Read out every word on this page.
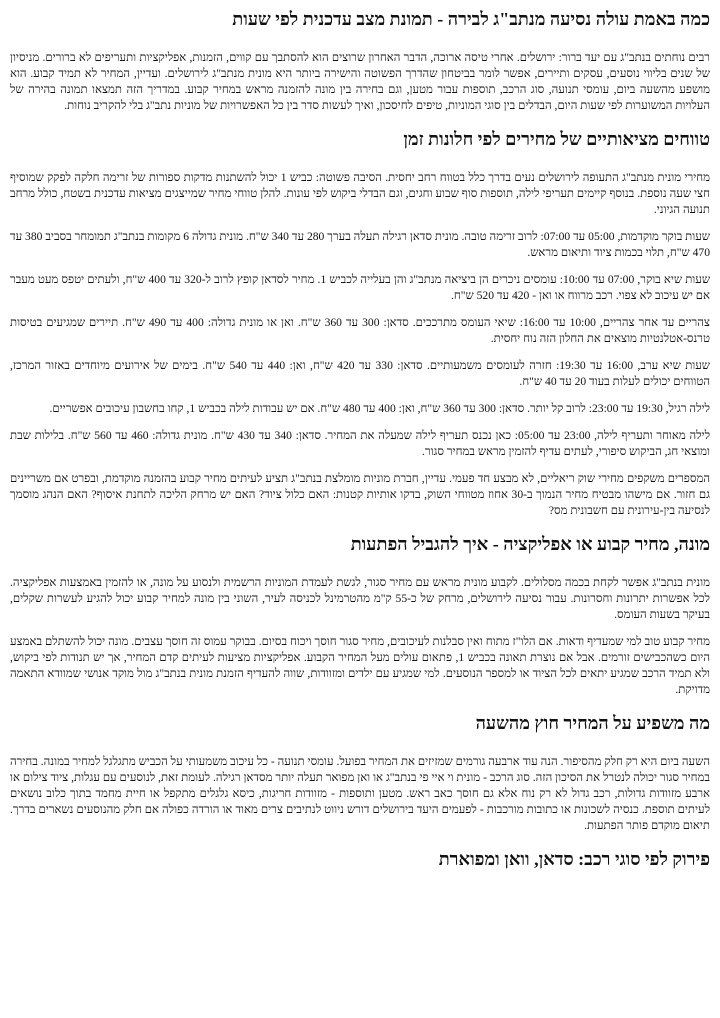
כמה באמת עולה נסיעה מנתב"ג לבירה - תמונת מצב עדכנית לפי שעות

רבים נוחתים בנתב"ג עם יעד ברור: ירושלים. אחרי טיסה ארוכה, הדבר האחרון שרוצים הוא להסתבך עם קווים, הזמנות, אפליקציות ותעריפים לא ברורים. מניסיון של שנים בליווי נוסעים, עסקים ותיירים, אפשר לומר בביטחון שהדרך הפשוטה והישירה ביותר היא מונית מנתב"ג לירושלים. ועדיין, המחיר לא תמיד קבוע. הוא מושפע מהשעה ביום, עומסי תנועה, סוג הרכב, תוספות עבור מטען, וגם בחירה בין מונה להזמנה מראש במחיר קבוע. במדריך הזה תמצאו תמונה בהירה של העלויות המשוערות לפי שעות היום, הבדלים בין סוגי המוניות, טיפים לחיסכון, ואיך לעשות סדר בין כל האפשרויות של מוניות נתב"ג בלי להקריב נוחות.

טווחים מציאותיים של מחירים לפי חלונות זמן

מחירי מונית מנתב"ג התעופה לירושלים נעים בדרך כלל בטווח רחב יחסית. הסיבה פשוטה: כביש 1 יכול להשתנות מדקות ספורות של זרימה חלקה לפקק שמוסיף חצי שעה נוספת. בנוסף קיימים תעריפי לילה, תוספות סוף שבוע וחגים, וגם הבדלי ביקוש לפי עונות. להלן טווחי מחיר שמייצגים מציאות עדכנית בשטח, כולל מרחב תנועה הגיוני.

שעות בוקר מוקדמות, 05:00 עד 07:00: לרוב זרימה טובה. מונית סדאן רגילה תעלה בערך 280 עד 340 ש"ח. מונית גדולה 6 מקומות בנתב"ג תמומחר בסביב 380 עד 470 ש"ח, תלוי בכמות ציוד ותיאום מראש.

שעות שיא בוקר, 07:00 עד 10:00: עומסים ניכרים הן ביציאה מנתב"ג והן בעלייה לכביש 1. מחיר לסדאן קופץ לרוב ל-320 עד 400 ש"ח, ולעתים יטפס מעט מעבר אם יש עיכוב לא צפוי. רכב מרווח או ואן - 420 עד 520 ש"ח.

צהריים עד אחר צהריים, 10:00 עד 16:00: שיאי העומס מתרככים. סדאן: 300 עד 360 ש"ח. ואן או מונית גדולה: 400 עד 490 ש"ח. תיירים שמגיעים בטיסות טרנס-אטלנטיות מוצאים את החלון הזה נוח יחסית.

שעות שיא ערב, 16:00 עד 19:30: חזרה לעומסים משמעותיים. סדאן: 330 עד 420 ש"ח, ואן: 440 עד 540 ש"ח. בימים של אירועים מיוחדים באזור המרכז, הטווחים יכולים לעלות בעוד 20 עד 40 ש"ח.

לילה רגיל, 19:30 עד 23:00: לרוב קל יותר. סדאן: 300 עד 360 ש"ח, ואן: 400 עד 480 ש"ח. אם יש עבודות לילה בכביש 1, קחו בחשבון עיכובים אפשריים.

לילה מאוחר ותעריף לילה, 23:00 עד 05:00: כאן נכנס תעריף לילה שמעלה את המחיר. סדאן: 340 עד 430 ש"ח. מונית גדולה: 460 עד 560 ש"ח. בלילות שבת ומוצאי חג, הביקוש סיפורי, לעתים עדיף להזמין מראש במחיר סגור.

המספרים משקפים מחירי שוק ריאליים, לא מבצע חד פעמי. עדיין, חברת מוניות מומלצת בנתב"ג תציע לעיתים מחיר קבוע בהזמנה מוקדמת, ובפרט אם משריינים גם חזור. אם מישהו מבטיח מחיר הנמוך ב-30 אחוז מטווחי השוק, בדקו אותיות קטנות: האם כלול ציוד? האם יש מרחק הליכה לתחנת איסוף? האם הנהג מוסמך לנסיעה בין-עירונית עם חשבונית מס?

מונה, מחיר קבוע או אפליקציה - איך להגביל הפתעות

מונית בנתב"ג אפשר לקחת בכמה מסלולים. לקבוע מונית מראש עם מחיר סגור, לגשת לעמדת המוניות הרשמית ולנסוע על מונה, או להזמין באמצעות אפליקציה. לכל אפשרות יתרונות וחסרונות. עבור נסיעה לירושלים, מרחק של כ-55 ק"מ מהטרמינל לכניסה לעיר, השוני בין מונה למחיר קבוע יכול להגיע לעשרות שקלים, בעיקר בשעות העומס.

מחיר קבוע טוב למי שמעדיף ודאות. אם הלו"ז מתוח ואין סבלנות לעיכובים, מחיר סגור חוסך ויכוח בסיום. בבוקר עמוס זה חוסך עצבים. מונה יכול להשתלם באמצע היום כשהכבישים זורמים. אבל אם נוצרת תאונה בכביש 1, פתאום עולים מעל המחיר הקבוע. אפליקציות מציעות לעיתים קדם המחיר, אך יש תנודות לפי ביקוש, ולא תמיד הרכב שמגיע יתאים לכל הציוד או למספר הנוסעים. למי שמגיע עם ילדים ומזוודות, שווה להעדיף הזמנת מונית בנתב"ג מול מוקד אנושי שמוודא התאמה מדויקת.

מה משפיע על המחיר חוץ מהשעה

השעה ביום היא רק חלק מהסיפור. הנה עוד ארבעה גורמים שמזיזים את המחיר בפועל. עומסי תנועה - כל עיכוב משמעותי על הכביש מתגלגל למחיר במונה. בחירה במחיר סגור יכולה לנטרל את הסיכון הזה. סוג הרכב - מונית וי איי פי בנתב"ג או ואן מפואר תעלה יותר מסדאן רגילה. לעומת זאת, לנוסעים עם עגלות, ציוד צילום או ארבע מזוודות גדולות, רכב גדול לא רק נוח אלא גם חוסך כאב ראש. מטען ותוספות - מזוודות חריגות, כיסא גלגלים מתקפל או חיית מחמד בתוך כלוב נושאים לעיתים תוספת. כנסיה לשכונות או כתובות מורכבות - לפעמים היעד בירושלים דורש ניווט לנתיבים צרים מאוד או הורדה כפולה אם חלק מהנוסעים נשארים בדרך. תיאום מוקדם פותר הפתעות.

פירוק לפי סוגי רכב: סדאן, וואן ומפוארת
